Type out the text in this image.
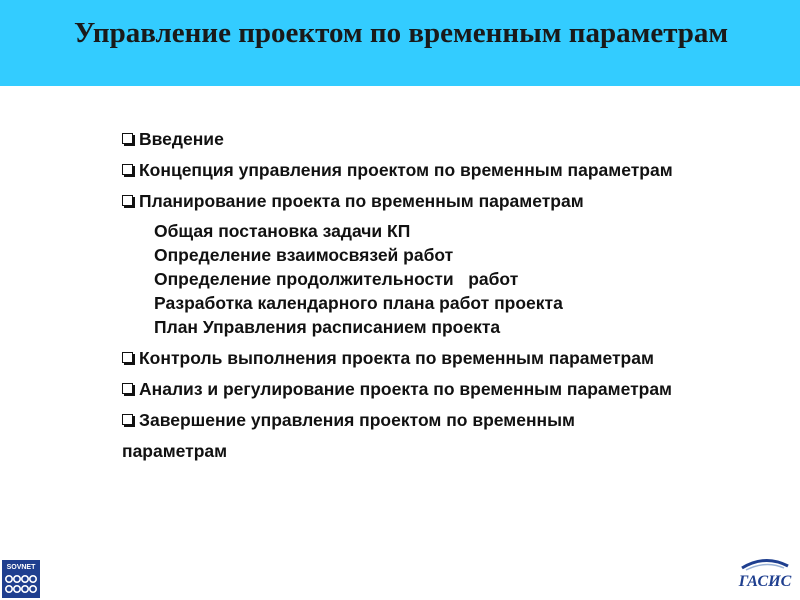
Управление проектом по временным параметрам
Введение
Концепция управления проектом по временным параметрам
Планирование проекта по временным параметрам
Общая постановка задачи КП
Определение взаимосвязей работ
Определение продолжительности   работ
Разработка календарного плана работ проекта
План Управления расписанием проекта
Контроль выполнения проекта по временным параметрам
Анализ и регулирование проекта по временным параметрам
Завершение управления проектом по временным параметрам
SOVNET
ГАСИС
